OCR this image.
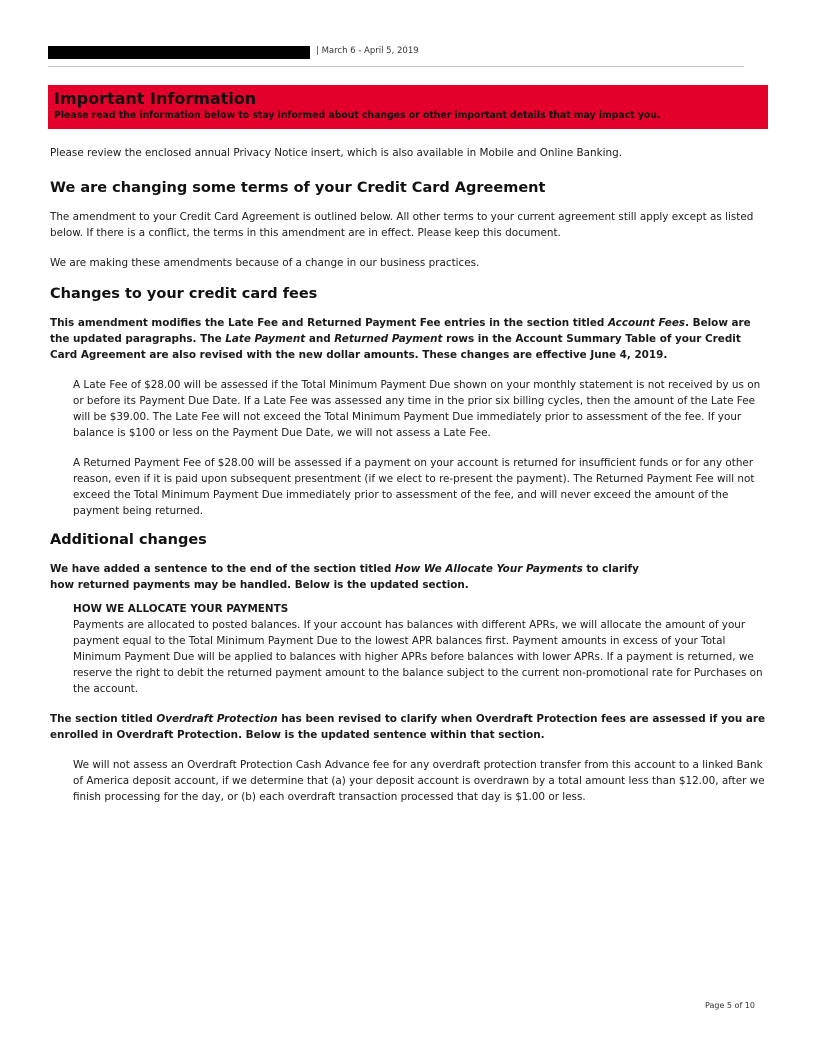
| March 6 - April 5, 2019
Important Information
Please read the information below to stay informed about changes or other important details that may impact you.

Please review the enclosed annual Privacy Notice insert, which is also available in Mobile and Online Banking.

We are changing some terms of your Credit Card Agreement

The amendment to your Credit Card Agreement is outlined below. All other terms to your current agreement still apply except as listed below. If there is a conflict, the terms in this amendment are in effect. Please keep this document.

We are making these amendments because of a change in our business practices.

Changes to your credit card fees

This amendment modifies the Late Fee and Returned Payment Fee entries in the section titled Account Fees. Below are the updated paragraphs. The Late Payment and Returned Payment rows in the Account Summary Table of your Credit Card Agreement are also revised with the new dollar amounts. These changes are effective June 4, 2019.

A Late Fee of $28.00 will be assessed if the Total Minimum Payment Due shown on your monthly statement is not received by us on or before its Payment Due Date. If a Late Fee was assessed any time in the prior six billing cycles, then the amount of the Late Fee will be $39.00. The Late Fee will not exceed the Total Minimum Payment Due immediately prior to assessment of the fee. If your balance is $100 or less on the Payment Due Date, we will not assess a Late Fee.

A Returned Payment Fee of $28.00 will be assessed if a payment on your account is returned for insufficient funds or for any other reason, even if it is paid upon subsequent presentment (if we elect to re-present the payment). The Returned Payment Fee will not exceed the Total Minimum Payment Due immediately prior to assessment of the fee, and will never exceed the amount of the payment being returned.

Additional changes

We have added a sentence to the end of the section titled How We Allocate Your Payments to clarify
how returned payments may be handled. Below is the updated section.

HOW WE ALLOCATE YOUR PAYMENTS

Payments are allocated to posted balances. If your account has balances with different APRs, we will allocate the amount of your payment equal to the Total Minimum Payment Due to the lowest APR balances first. Payment amounts in excess of your Total Minimum Payment Due will be applied to balances with higher APRs before balances with lower APRs. If a payment is returned, we reserve the right to debit the returned payment amount to the balance subject to the current non-promotional rate for Purchases on the account.

The section titled Overdraft Protection has been revised to clarify when Overdraft Protection fees are assessed if you are enrolled in Overdraft Protection. Below is the updated sentence within that section.

We will not assess an Overdraft Protection Cash Advance fee for any overdraft protection transfer from this account to a linked Bank of America deposit account, if we determine that (a) your deposit account is overdrawn by a total amount less than $12.00, after we finish processing for the day, or (b) each overdraft transaction processed that day is $1.00 or less.

Page 5 of 10
